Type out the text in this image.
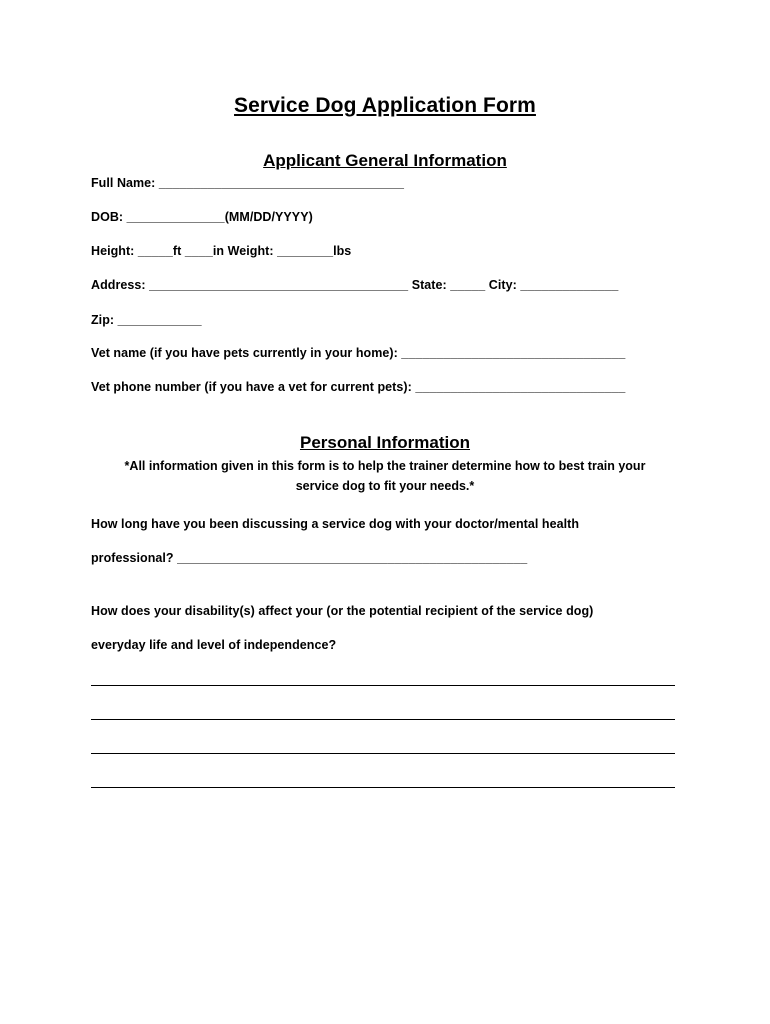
Service Dog Application Form
Applicant General Information
Full Name: ___________________________________
DOB: ______________(MM/DD/YYYY)
Height: _____ft ____in Weight: ________lbs
Address: _____________________________________ State: _____ City: ______________
Zip: ____________
Vet name (if you have pets currently in your home): ________________________________
Vet phone number (if you have a vet for current pets): ______________________________
Personal Information
*All information given in this form is to help the trainer determine how to best train your
service dog to fit your needs.*
How long have you been discussing a service dog with your doctor/mental health
professional? __________________________________________________
How does your disability(s) affect your (or the potential recipient of the service dog)
everyday life and level of independence?
